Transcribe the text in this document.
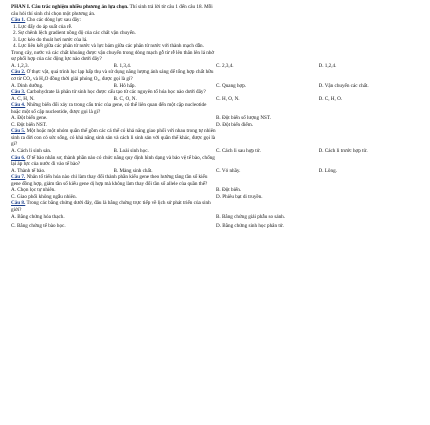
PHẦN I. Câu trắc nghiệm nhiều phương án lựa chọn. Thí sinh trả lời từ câu 1 đến câu 18. Mỗi

câu hỏi thí sinh chỉ chọn một phương án.

Câu 1. Cho các dòng lực sau đây:

1. Lực đẩy do áp suất của rễ.

2. Sự chênh lệch gradient nồng độ của các chất vận chuyển.

3. Lực kéo do thoát hơi nước của lá.

4. Lực liên kết giữa các phân tử nước và lực bám giữa các phân tử nước với thành mạch dẫn.

Trong cây, nước và các chất khoáng được vận chuyển trong dòng mạch gỗ từ rễ lên thân lên lá nhờ

sự phối hợp của các động lực nào dưới đây?

A. 1,2,3.	B. 1,3,4.	C. 2,3,4.	D. 1,2,4.

Câu 2. Ở thực vật, quá trình lục lạp hấp thụ và sử dụng năng lượng ánh sáng để tổng hợp chất hữu

cơ từ CO₂ và H₂O đồng thời giải phóng O₂, được gọi là gì?

A. Dinh dưỡng.	B. Hô hấp.	C. Quang hợp.	D. Vận chuyển các chất.

Câu 3. Carbohydrate là phân tử sinh học được cấu tạo từ các nguyên tố hóa học nào dưới đây?

A. C, H, N.	B. C, O, N.	C. H, O, N.	D. C, H, O.

Câu 4. Những biến đổi xảy ra trong cấu trúc của gene, có thể liên quan đến một cặp nucleotide

hoặc một số cặp nucleotide, được gọi là gì?

A. Đột biến gene.	B. Đột biến số lượng NST.
C. Đột biến NST.	D. Đột biến điểm.

Câu 5. Một hoặc một nhóm quần thể gồm các cá thể có khả năng giao phối với nhau trong tự nhiên

sinh ra đời con có sức sống, có khả năng sinh sản và cách li sinh sản với quần thể khác, được gọi là

gì?

A. Cách li sinh sản.	B. Loài sinh học.	C. Cách li sau hợp tử.	D. Cách li trước hợp tử.

Câu 6. Ở tế bào nhân sơ, thành phần nào có chức năng quy định hình dạng và bảo vệ tế bào, chống

lại áp lực của nước đi vào tế bào?

A. Thành tế bào.	B. Màng sinh chất.	C. Vỏ nhầy.	D. Lông.

Câu 7. Nhân tố tiến hóa nào chỉ làm thay đổi thành phần kiểu gene theo hướng tăng tần số kiểu

gene đồng hợp, giảm tần số kiểu gene dị hợp mà không làm thay đổi tần số allele của quần thể?

A. Chọn lọc tự nhiên.	B. Đột biến.
C. Giao phối không ngẫu nhiên.	D. Phiêu bạt di truyền.

Câu 8. Trong các bằng chứng dưới đây, đâu là bằng chứng trực tiếp về lịch sử phát triển của sinh

giới?

A. Bằng chứng hóa thạch.	B. Bằng chứng giải phẫu so sánh.
C. Bằng chứng tế bào học.	D. Bằng chứng sinh học phân tử.
